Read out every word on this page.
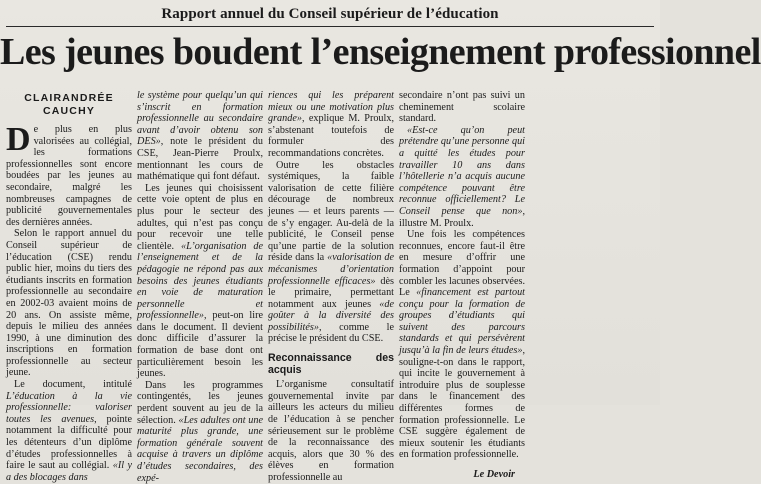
Rapport annuel du Conseil supérieur de l’éducation
Les jeunes boudent l’enseignement professionnel
CLAIRANDRÉE
CAUCHY

De plus en plus valorisées au collégial, les formations professionnelles sont encore boudées par les jeunes au secondaire, malgré les nombreuses campagnes de publicité gouvernementales des dernières années.

Selon le rapport annuel du Conseil supérieur de l’éducation (CSE) rendu public hier, moins du tiers des étudiants inscrits en formation professionnelle au secondaire en 2002-03 avaient moins de 20 ans. On assiste même, depuis le milieu des années 1990, à une diminution des inscriptions en formation professionnelle au secteur jeune.

Le document, intitulé L’éducation à la vie professionnelle: valoriser toutes les avenues, pointe notamment la difficulté pour les détenteurs d’un diplôme d’études professionnelles à faire le saut au collégial. «Il y a des blocages dans

le système pour quelqu’un qui s’inscrit en formation professionnelle au secondaire avant d’avoir obtenu son DES», note le président du CSE, Jean-Pierre Proulx, mentionnant les cours de mathématique qui font défaut.

Les jeunes qui choisissent cette voie optent de plus en plus pour le secteur des adultes, qui n’est pas conçu pour recevoir une telle clientèle. «L’organisation de l’enseignement et de la pédagogie ne répond pas aux besoins des jeunes étudiants en voie de maturation personnelle et professionnelle», peut-on lire dans le document. Il devient donc difficile d’assurer la formation de base dont ont particulièrement besoin les jeunes.

Dans les programmes contingentés, les jeunes perdent souvent au jeu de la sélection. «Les adultes ont une maturité plus grande, une formation générale souvent acquise à travers un diplôme d’études secondaires, des expé-

riences qui les préparent mieux ou une motivation plus grande», explique M. Proulx, s’abstenant toutefois de formuler des recommandations concrètes.

Outre les obstacles systémiques, la faible valorisation de cette filière décourage de nombreux jeunes — et leurs parents — de s’y engager. Au-delà de la publicité, le Conseil pense qu’une partie de la solution réside dans la «valorisation de mécanismes d’orientation professionnelle efficaces» dès le primaire, permettant notamment aux jeunes «de goûter à la diversité des possibilités», comme le précise le président du CSE.

Reconnaissance des acquis

L’organisme consultatif gouvernemental invite par ailleurs les acteurs du milieu de l’éducation à se pencher sérieusement sur le problème de la reconnaissance des acquis, alors que 30 % des élèves en formation professionnelle au

secondaire n’ont pas suivi un cheminement scolaire standard.

«Est-ce qu’on peut prétendre qu’une personne qui a quitté les études pour travailler 10 ans dans l’hôtellerie n’a acquis aucune compétence pouvant être reconnue officiellement? Le Conseil pense que non», illustre M. Proulx.

Une fois les compétences reconnues, encore faut-il être en mesure d’offrir une formation d’appoint pour combler les lacunes observées. Le «financement est partout conçu pour la formation de groupes d’étudiants qui suivent des parcours standards et qui persévèrent jusqu’à la fin de leurs études», souligne-t-on dans le rapport, qui incite le gouvernement à introduire plus de souplesse dans le financement des différentes formes de formation professionnelle. Le CSE suggère également de mieux soutenir les étudiants en formation professionnelle.

Le Devoir
